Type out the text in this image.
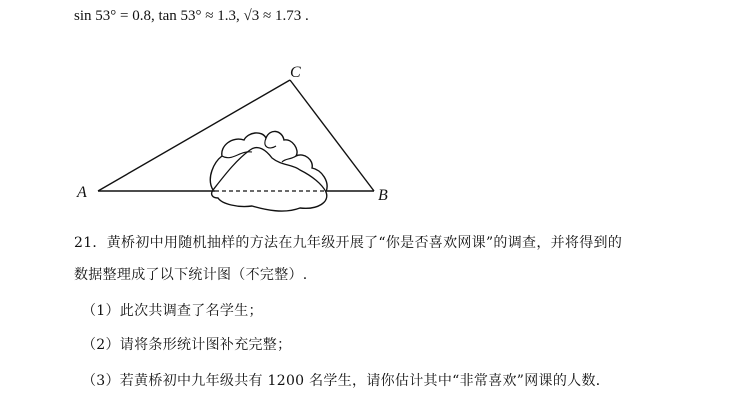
sin 53° = 0.8, tan 53° ≈ 1.3, √3 ≈ 1.73 .
A	B
C
21．黄桥初中用随机抽样的方法在九年级开展了“你是否喜欢网课”的调查，并将得到的
数据整理成了以下统计图（不完整）.
（1）此次共调查了名学生；
（2）请将条形统计图补充完整；
（3）若黄桥初中九年级共有 1200 名学生，请你估计其中“非常喜欢”网课的人数．
